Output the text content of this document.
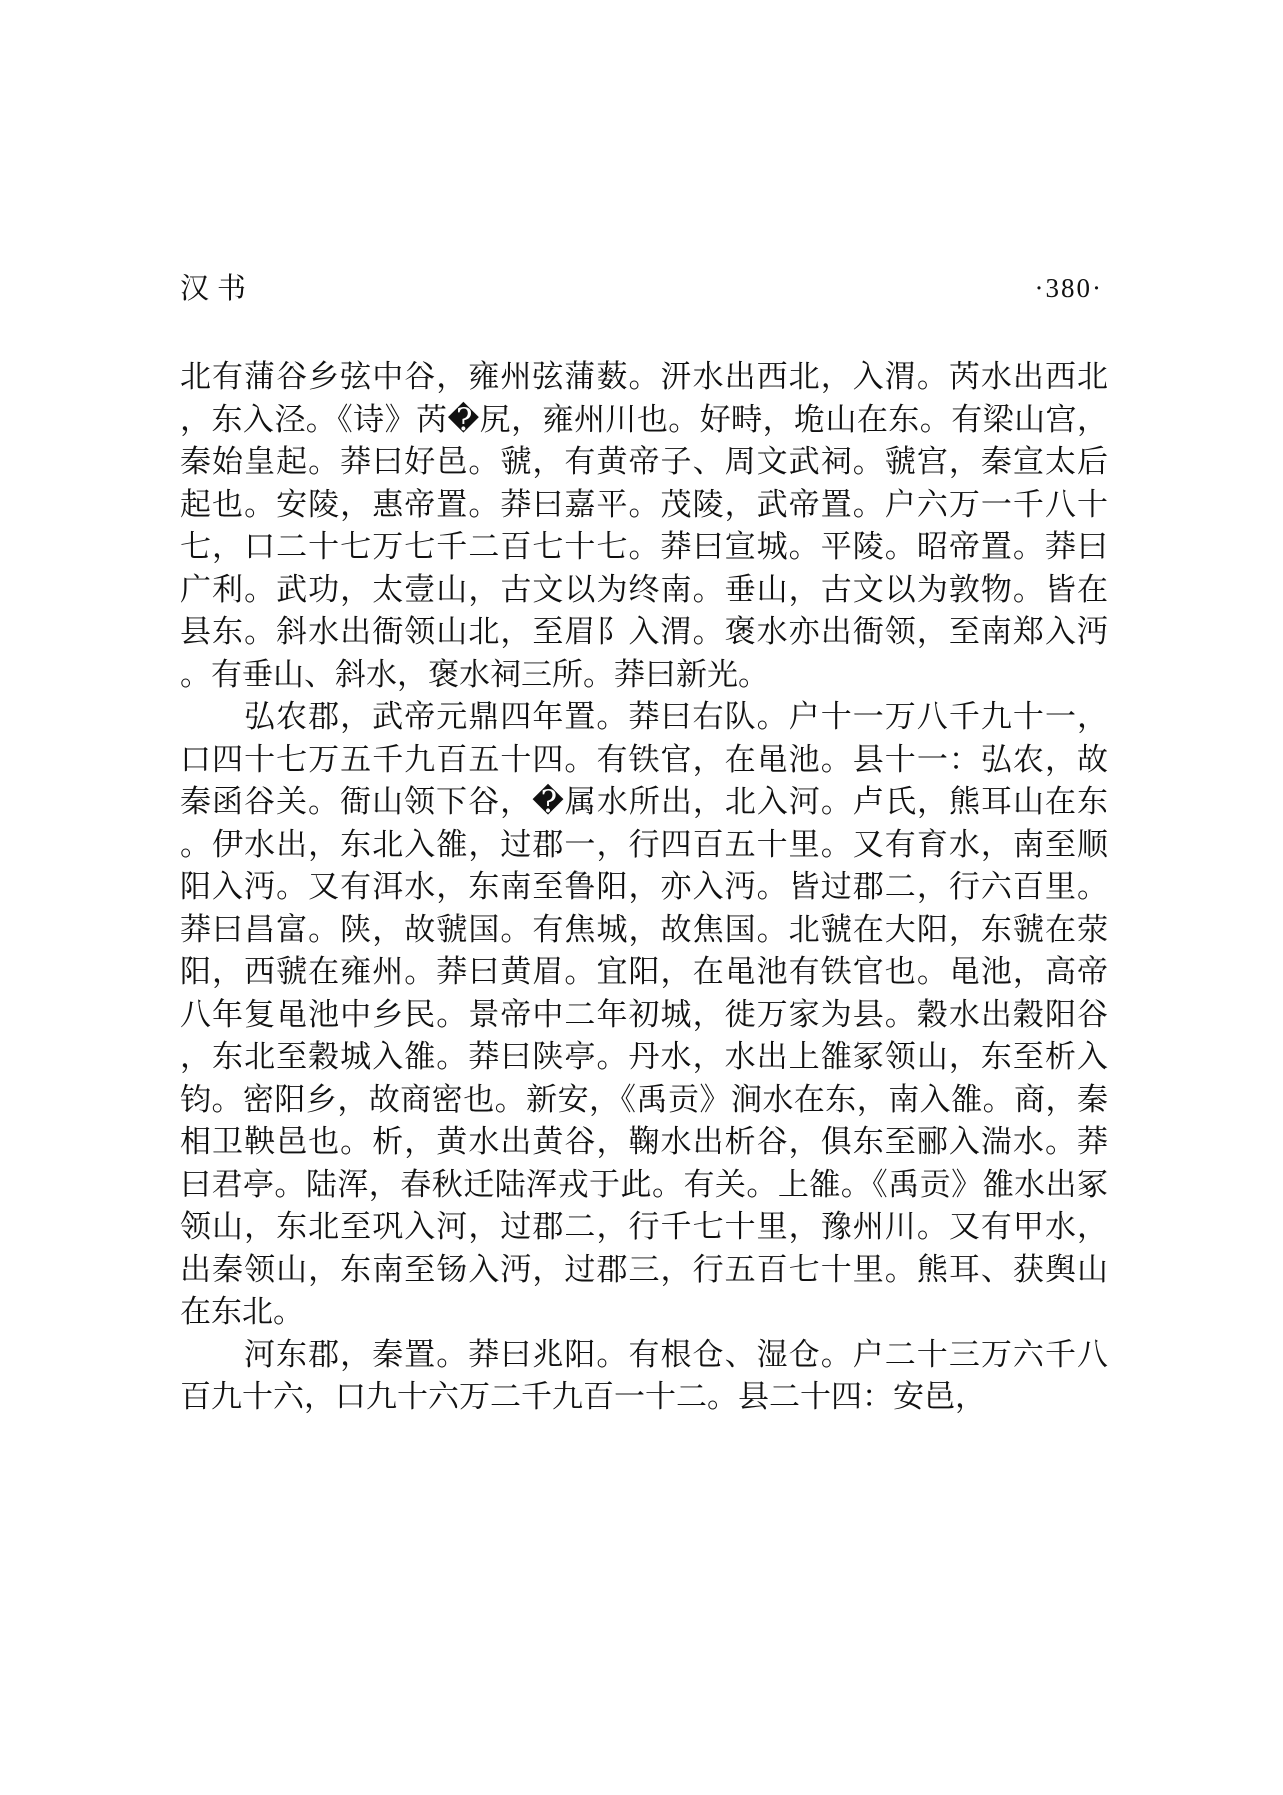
汉书	·380·

北有蒲谷乡弦中谷，雍州弦蒲薮。汧水出西北，入渭。芮水出西北，东入泾。《诗》芮�尻，雍州川也。好畤，垝山在东。有梁山宫，秦始皇起。莽曰好邑。虢，有黄帝子、周文武祠。虢宫，秦宣太后起也。安陵，惠帝置。莽曰嘉平。茂陵，武帝置。户六万一千八十七，口二十七万七千二百七十七。莽曰宣城。平陵。昭帝置。莽曰广利。武功，太壹山，古文以为终南。垂山，古文以为敦物。皆在县东。斜水出衙领山北，至眉阝入渭。褒水亦出衙领，至南郑入沔。有垂山、斜水，褒水祠三所。莽曰新光。

弘农郡，武帝元鼎四年置。莽曰右队。户十一万八千九十一，口四十七万五千九百五十四。有铁官，在黾池。县十一：弘农，故秦函谷关。衙山领下谷，�属水所出，北入河。卢氏，熊耳山在东。伊水出，东北入雒，过郡一，行四百五十里。又有育水，南至顺阳入沔。又有洱水，东南至鲁阳，亦入沔。皆过郡二，行六百里。莽曰昌富。陕，故虢国。有焦城，故焦国。北虢在大阳，东虢在荥阳，西虢在雍州。莽曰黄眉。宜阳，在黾池有铁官也。黾池，高帝八年复黾池中乡民。景帝中二年初城，徙万家为县。穀水出穀阳谷，东北至穀城入雒。莽曰陕亭。丹水，水出上雒冢领山，东至析入钧。密阳乡，故商密也。新安，《禹贡》涧水在东，南入雒。商，秦相卫鞅邑也。析，黄水出黄谷，鞠水出析谷，俱东至郦入湍水。莽曰君亭。陆浑，春秋迁陆浑戎于此。有关。上雒。《禹贡》雒水出冢领山，东北至巩入河，过郡二，行千七十里，豫州川。又有甲水，出秦领山，东南至钖入沔，过郡三，行五百七十里。熊耳、获舆山在东北。

河东郡，秦置。莽曰兆阳。有根仓、湿仓。户二十三万六千八百九十六，口九十六万二千九百一十二。县二十四：安邑，
